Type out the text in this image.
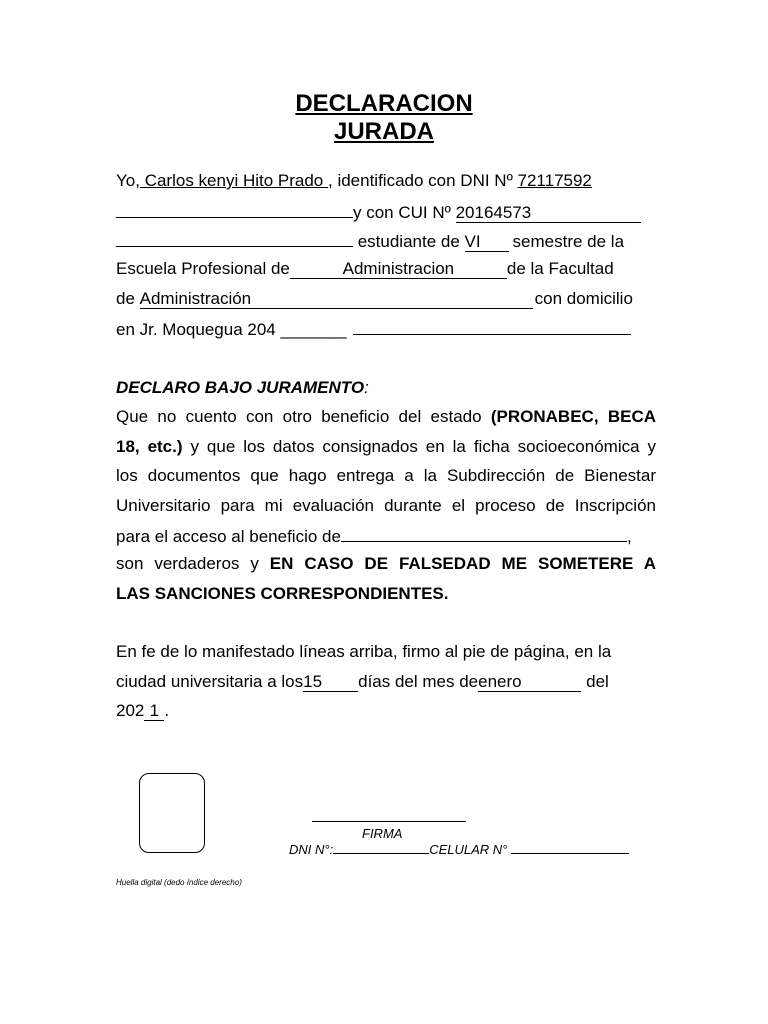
DECLARACION
JURADA
Yo, Carlos kenyi Hito Prado , identificado con DNI Nº 72117592
y con CUI Nº 20164573
estudiante de VI semestre de la
Escuela Profesional de	Administracion	de la Facultad
de Administración	con domicilio
en Jr. Moquegua 204 _______
DECLARO BAJO JURAMENTO:
Que no cuento con otro beneficio del estado (PRONABEC, BECA
18, etc.) y que los datos consignados en la ficha socioeconómica y
los documentos que hago entrega a la Subdirección de Bienestar
Universitario para mi evaluación durante el proceso de Inscripción
para el acceso al beneficio de	,
son verdaderos y EN CASO DE FALSEDAD ME SOMETERE A
LAS SANCIONES CORRESPONDIENTES.
En fe de lo manifestado líneas arriba, firmo al pie de página, en la
ciudad universitaria a los15 días del mes deenero	del
202 1 .
FIRMA
DNI N°:	CELULAR N°
Huella digital (dedo índice derecho)
